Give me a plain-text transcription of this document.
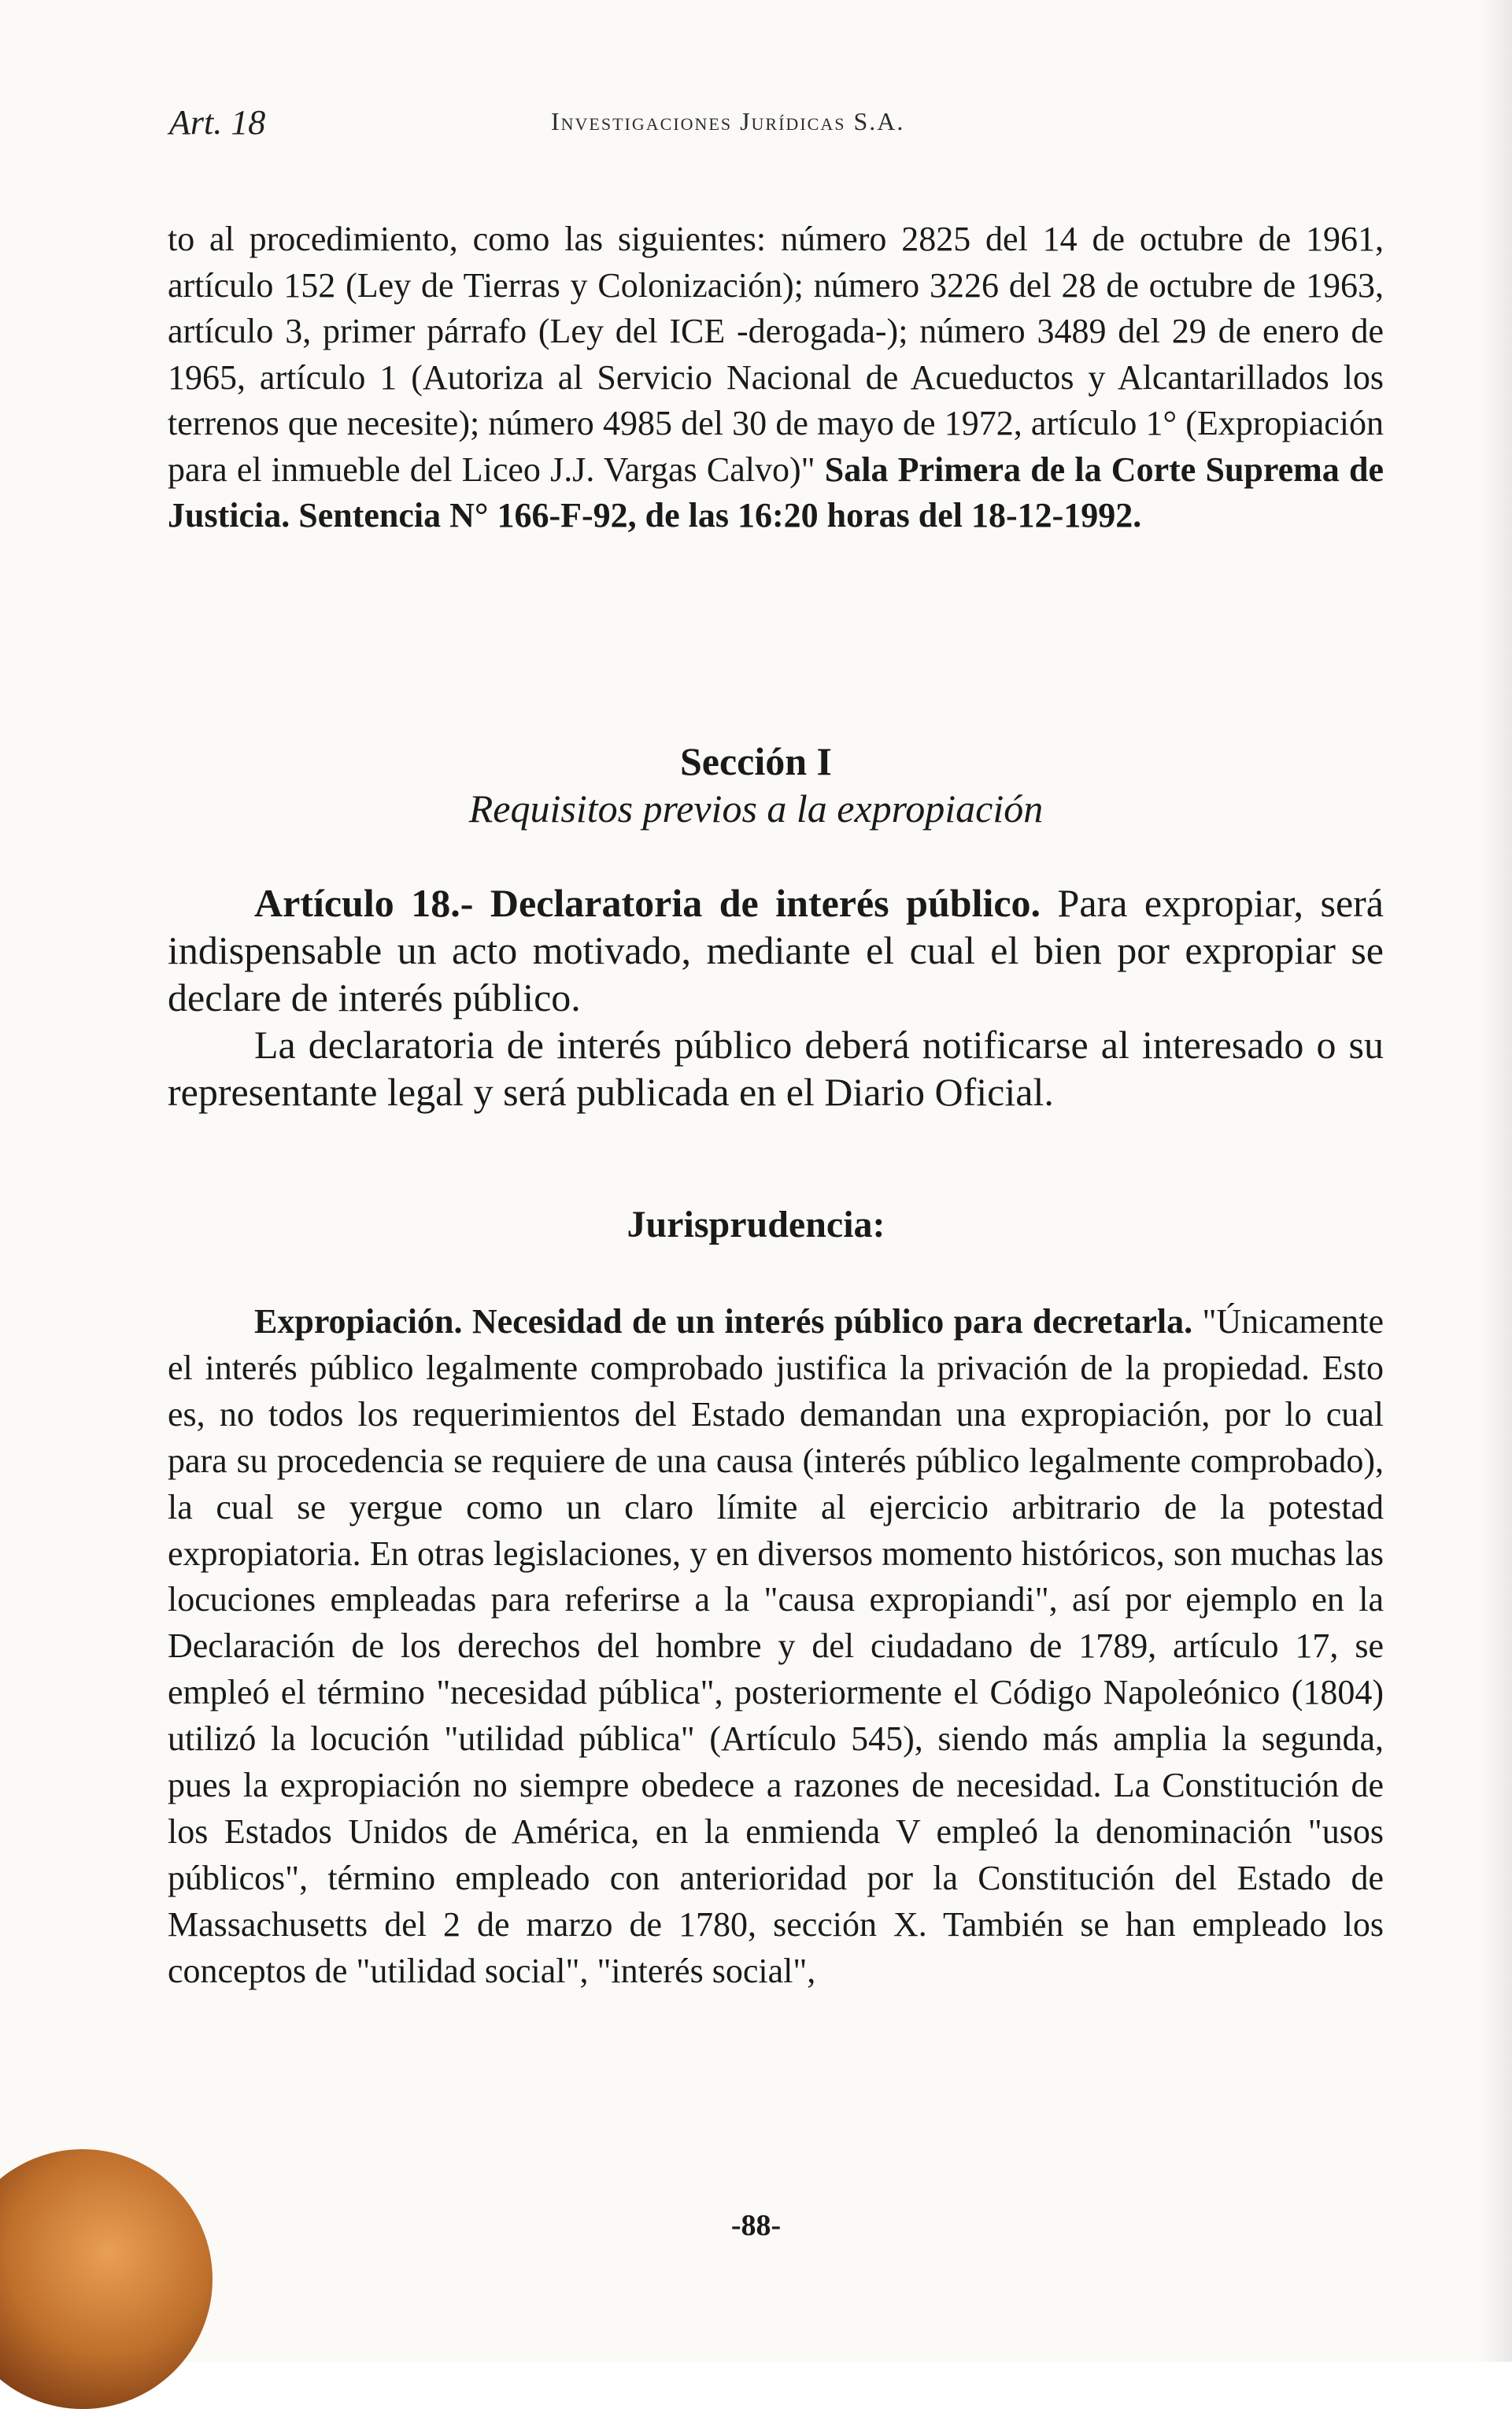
Art. 18	Investigaciones Jurídicas S.A.

to al procedimiento, como las siguientes: número 2825 del 14 de octubre de 1961, artículo 152 (Ley de Tierras y Colonización); número 3226 del 28 de octubre de 1963, artículo 3, primer párrafo (Ley del ICE -derogada-); número 3489 del 29 de enero de 1965, artículo 1 (Autoriza al Servicio Nacional de Acueductos y Alcantarillados los terrenos que necesite); número 4985 del 30 de mayo de 1972, artículo 1° (Expropiación para el inmueble del Liceo J.J. Vargas Calvo)" Sala Primera de la Corte Suprema de Justicia. Sentencia N° 166-F-92, de las 16:20 horas del 18-12-1992.

Sección I
Requisitos previos a la expropiación

Artículo 18.- Declaratoria de interés público. Para expropiar, será indispensable un acto motivado, mediante el cual el bien por expropiar se declare de interés público.

La declaratoria de interés público deberá notificarse al interesado o su representante legal y será publicada en el Diario Oficial.

Jurisprudencia:

Expropiación. Necesidad de un interés público para decretarla. "Únicamente el interés público legalmente comprobado justifica la privación de la propiedad. Esto es, no todos los requerimientos del Estado demandan una expropiación, por lo cual para su procedencia se requiere de una causa (interés público legalmente comprobado), la cual se yergue como un claro límite al ejercicio arbitrario de la potestad expropiatoria. En otras legislaciones, y en diversos momento históricos, son muchas las locuciones empleadas para referirse a la "causa expropiandi", así por ejemplo en la Declaración de los derechos del hombre y del ciudadano de 1789, artículo 17, se empleó el término "necesidad pública", posteriormente el Código Napoleónico (1804) utilizó la locución "utilidad pública" (Artículo 545), siendo más amplia la segunda, pues la expropiación no siempre obedece a razones de necesidad. La Constitución de los Estados Unidos de América, en la enmienda V empleó la denominación "usos públicos", término empleado con anterioridad por la Constitución del Estado de Massachusetts del 2 de marzo de 1780, sección X. También se han empleado los conceptos de "utilidad social", "interés social",

-88-
